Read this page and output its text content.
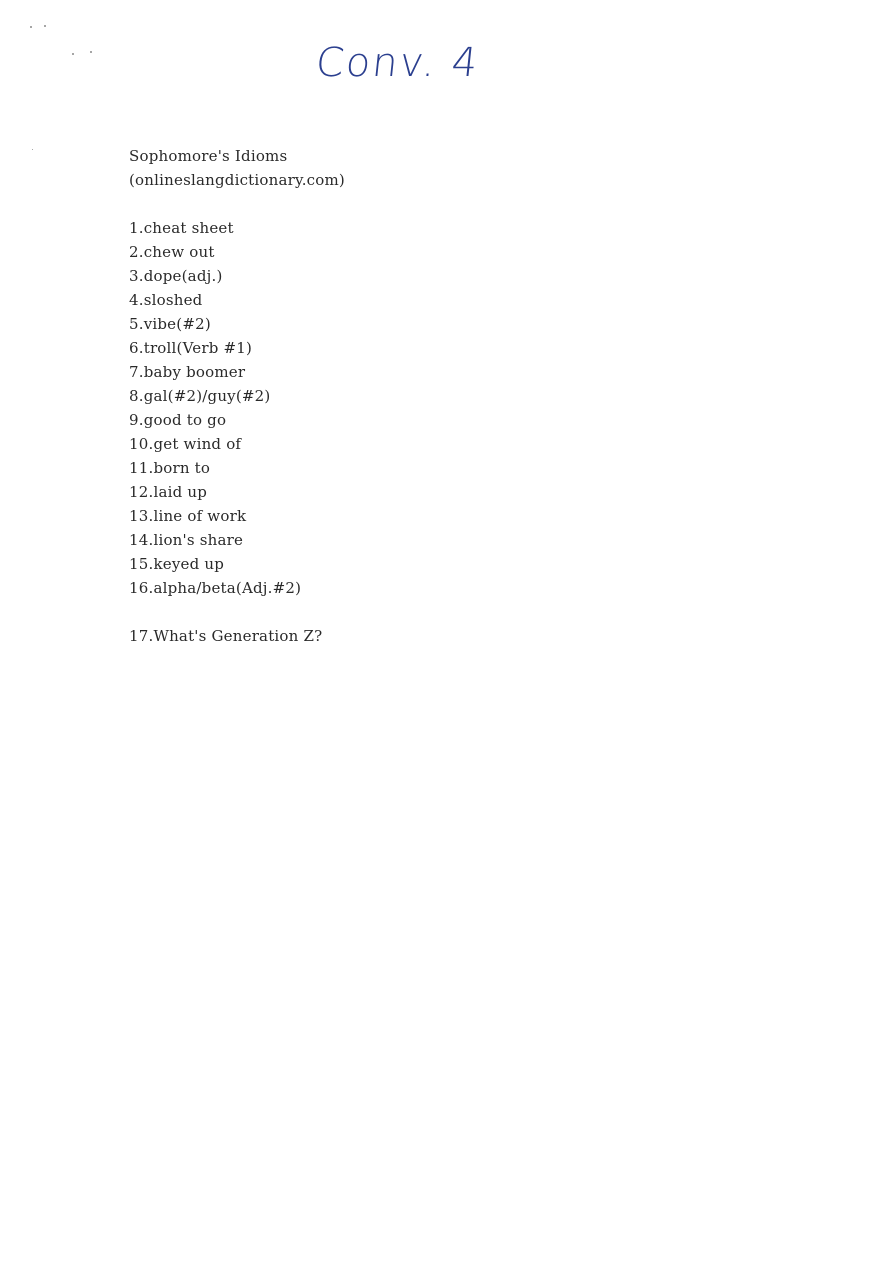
Conv. 4
Sophomore's Idioms
(onlineslangdictionary.com)
1.cheat sheet
2.chew out
3.dope(adj.)
4.sloshed
5.vibe(#2)
6.troll(Verb #1)
7.baby boomer
8.gal(#2)/guy(#2)
9.good to go
10.get wind of
11.born to
12.laid up
13.line of work
14.lion's share
15.keyed up
16.alpha/beta(Adj.#2)
17.What's Generation Z?
